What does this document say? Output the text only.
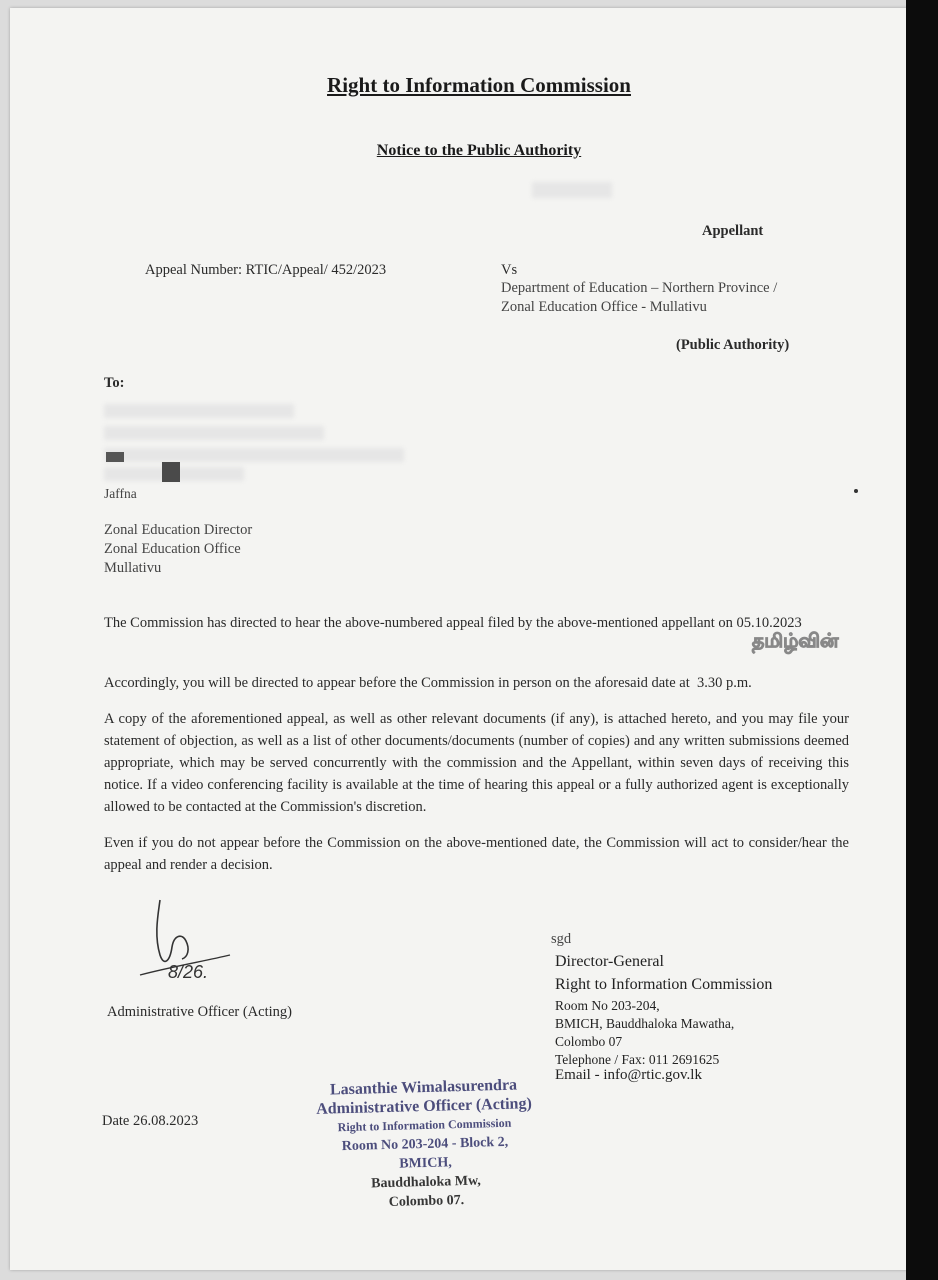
Right to Information Commission
Notice to the Public Authority
Appellant
Appeal Number: RTIC/Appeal/ 452/2023	Vs
Department of Education – Northern Province /
Zonal Education Office - Mullativu
(Public Authority)
To:
Jaffna
Zonal Education Director
Zonal Education Office
Mullativu
The Commission has directed to hear the above-numbered appeal filed by the above-mentioned appellant on 05.10.2023
தமிழ்வின்
Accordingly, you will be directed to appear before the Commission in person on the aforesaid date at 3.30 p.m.
A copy of the aforementioned appeal, as well as other relevant documents (if any), is attached hereto, and you may file your statement of objection, as well as a list of other documents/documents (number of copies) and any written submissions deemed appropriate, which may be served concurrently with the commission and the Appellant, within seven days of receiving this notice. If a video conferencing facility is available at the time of hearing this appeal or a fully authorized agent is exceptionally allowed to be contacted at the Commission's discretion.
Even if you do not appear before the Commission on the above-mentioned date, the Commission will act to consider/hear the appeal and render a decision.
8/26.
Administrative Officer (Acting)
sgd
Director-General
Right to Information Commission
Room No 203-204,
BMICH, Bauddhaloka Mawatha,
Colombo 07
Telephone / Fax: 011 2691625
Email - info@rtic.gov.lk
Date 26.08.2023
Lasanthie Wimalasurendra
Administrative Officer (Acting)
Right to Information Commission
Room No 203-204 - Block 2,
BMICH,
Bauddhaloka Mw,
Colombo 07.
